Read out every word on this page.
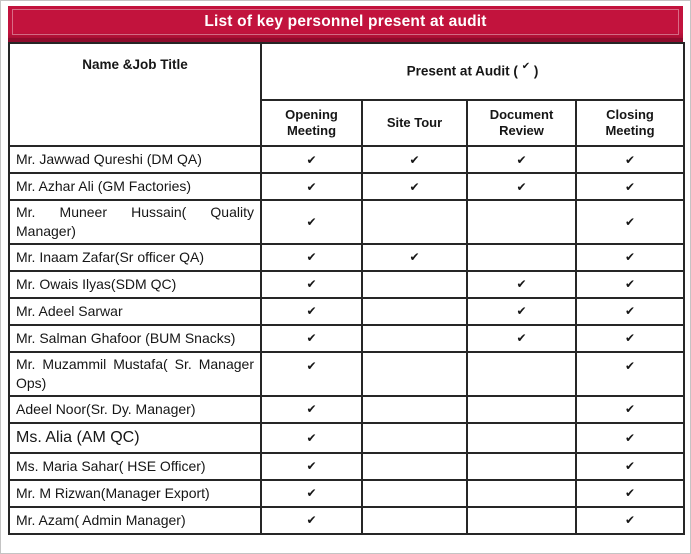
List of key personnel present at audit
Name &Job Title	Present at Audit ( ✔ )			
	Opening Meeting	Site Tour	Document Review	Closing Meeting
Mr. Jawwad Qureshi (DM QA)	✔	✔	✔	✔
Mr. Azhar Ali (GM Factories)	✔	✔	✔	✔
Mr. Muneer Hussain( Quality Manager)	✔			✔
Mr. Inaam Zafar(Sr officer QA)	✔	✔		✔
Mr. Owais Ilyas(SDM QC)	✔		✔	✔
Mr. Adeel Sarwar	✔		✔	✔
Mr. Salman Ghafoor (BUM Snacks)	✔		✔	✔
Mr. Muzammil Mustafa( Sr. Manager Ops)	✔			✔
Adeel Noor(Sr. Dy. Manager)	✔			✔
Ms. Alia (AM QC)	✔			✔
Ms. Maria Sahar( HSE Officer)	✔			✔
Mr. M Rizwan(Manager Export)	✔			✔
Mr. Azam( Admin Manager)	✔			✔
